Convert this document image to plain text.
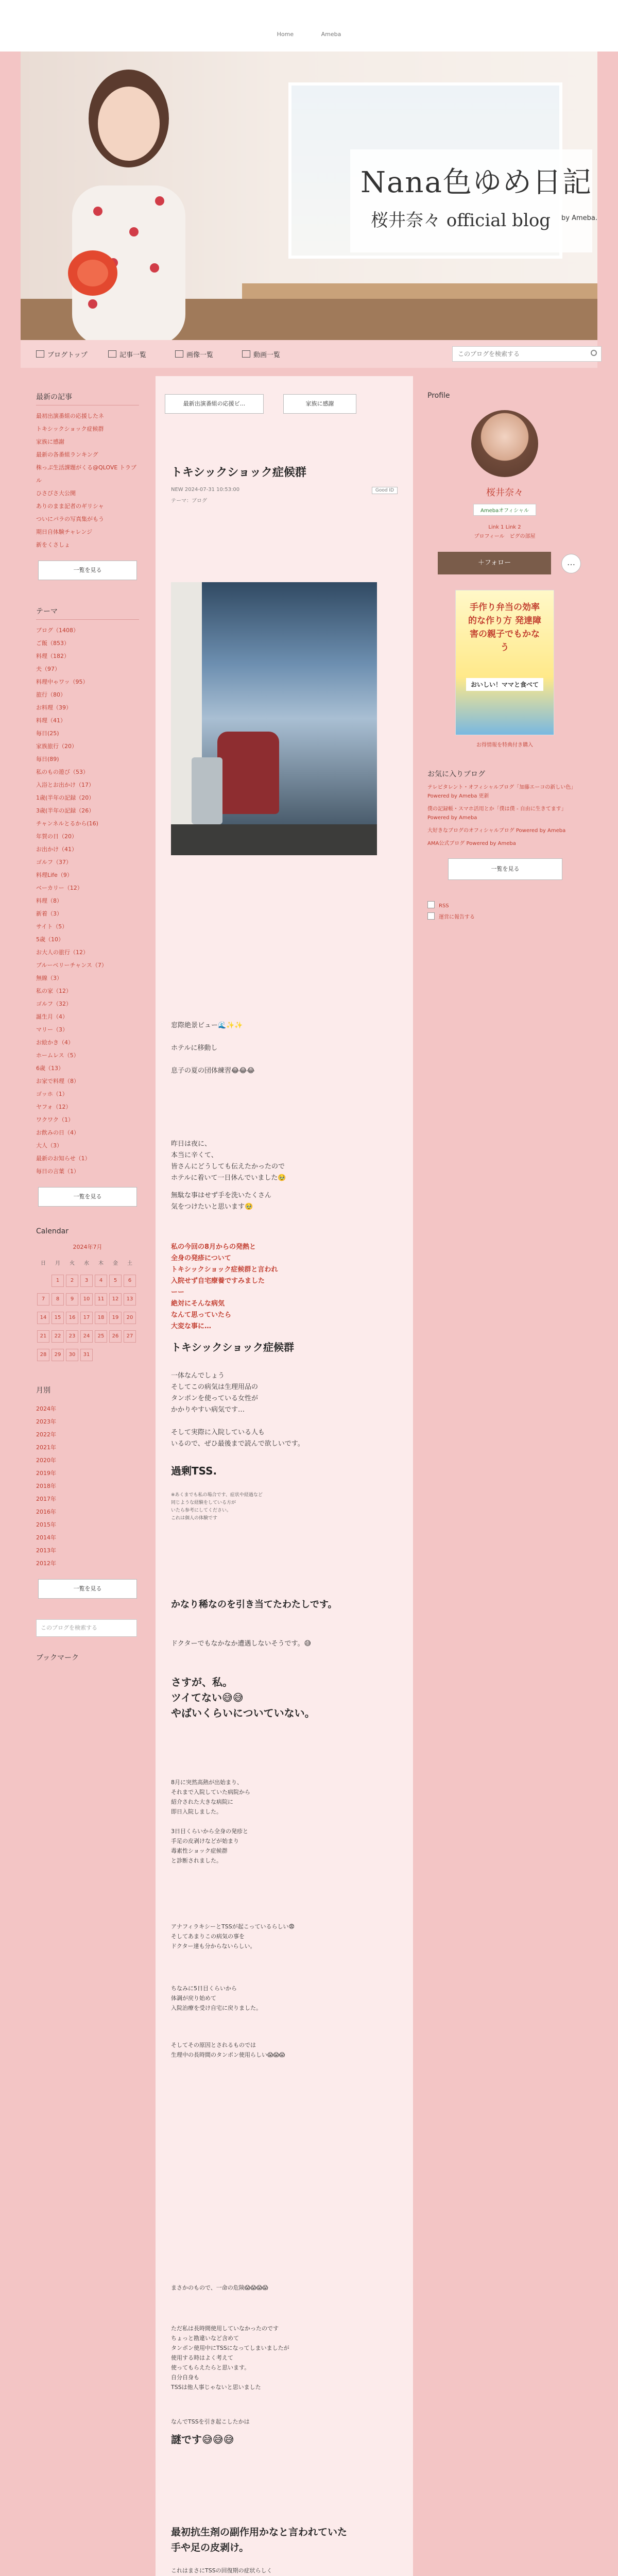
Home	Ameba
Nana色ゆめ日記
桜井奈々 official blog by Ameba.
ブログトップ	記事一覧	画像一覧	動画一覧
このブログを検索する
最新の記事
最初出演番組の応援したネ
トキシックショック症候群
家族に感謝
最新の各番組ランキング
株っぷ生活課題がくる@QLOVE トラブル
ひさびさ大公開
ありのまま記者のギリシャ
ついにパラの写真集がもう
期日自体験チャレンジ
新をくさしょ
一覧を見る
テーマ
ブログ（1408）
ご飯（853）
料理（182）
夫（97）
料理中ゃワッ（95）
旅行（80）
お料理（39）
料理（41）
毎日(25)
家族旅行（20）
毎日(89)
私のもの遊び（53）
入浴とお出かけ（17）
1歳(半年の記録（20）
3歳(半年の記録（26）
チャンネルとるから(16)
年賀の日（20）
お出かけ（41）
ゴルフ（37）
料理Life（9）
ベーカリー（12）
料理（8）
新着（3）
サイト（5）
5歳（10）
お大人の旅行（12）
ブルーベリーチャンス（7）
無線（3）
私の家（12）
ゴルフ（32）
誕生月（4）
マリー（3）
お絵かき（4）
ホームレス（5）
6歳（13）
お家で料理（8）
ゴッホ（1）
ヤフォ（12）
ワクワク（1）
お飲みの日（4）
大人（3）
最新のお知らせ（1）
毎日の言葉（1）
一覧を見る
Calendar
2024年7月
日	月	火	水	木	金	土
	1	2	3	4	5	6
7	8	9	10	11	12	13
14	15	16	17	18	19	20
21	22	23	24	25	26	27
28	29	30	31			
月別
2024年
2023年
2022年
2021年
2020年
2019年
2018年
2017年
2016年
2015年
2014年
2013年
2012年
一覧を見る
このブログを検索する
ブックマーク
最新出演番組の応援ビ...	家族に感謝
トキシックショック症候群
NEW 2024-07-31 10:53:00
テーマ：ブログ
Good ID
窓際絶景ビュー🌊✨✨

ホテルに移動し

息子の夏の団体練習😂😂😂
昨日は夜に、
本当に辛くて、
皆さんにどうしても伝えたかったので
ホテルに着いて一日休んでいました🥹
無駄な事はせず手を洗いたくさん
気をつけたいと思います🥹
私の今回の8月からの発熱と
全身の発疹について
トキシックショック症候群と言われ
入院せず自宅療養ですみました
ーー
絶対にそんな病気
なんて思っていたら
大変な事に…
トキシックショック症候群
一体なんでしょう
そしてこの病気は生理用品の
タンポンを使っている女性が
かかりやすい病気です…

そして実際に入院している人も
いるので、ぜひ最後まで読んで欲しいです。
過剰TSS.
※あくまでも私の場合です、症状や経過など
同じような経験をしている方が
いたら参考にしてください。
これは個人の体験です
かなり稀なのを引き当てたわたしです。
ドクターでもなかなか遭遇しないそうです。😅
さすが、私。
ツイてない😅😅
やばいくらいについていない。
8月に突然高熱が出始まり、
それまで入院していた病院から
紹介された大きな病院に
即日入院しました。

3日目くらいから全身の発疹と
手足の皮剥けなどが始まり
毒素性ショック症候群
と診断されました。
アナフィラキシーとTSSが起こっているらしい😨
そしてあまりこの病気の事を
ドクター達も分からないらしい。
ちなみに5日目くらいから
体調が戻り始めて
入院治療を受け自宅に戻りました。
そしてその原因とされるものでは
生理中の長時間のタンポン使用らしい😱😱😱
まさかのもので、一命の危険😱😱😱😱
ただ私は長時間使用していなかったのです
ちょっと勘違いなど含めて
タンポン使用中にTSSになってしまいましたが
使用する時はよく考えて
使ってもらえたらと思います。
自分自身も
TSSは他人事じゃないと思いました
なんでTSSを引き起こしたかは
謎です😅😅😅
最初抗生剤の副作用かなと言われていた
手や足の皮剥け。
これはまさにTSSの回復期の症状らしく

Profile
桜井奈々
Amebaオフィシャル
Link 1 Link 2
プロフィール　ピグの部屋
＋フォロー	…
手作り弁当の効率的な作り方 発達障害の親子でもかなう
おいしい！ママと食べて
お得情報を特典付き購入
お気に入りブログ
テレビタレント・オフィシャルブログ「加藤エーコの新しい色」Powered by Ameba 更新
僕の記録帳・スマホ活用とか「僕は僕 - 自由に生きてます」Powered by Ameba
大好きなブログのオフィシャルブログ Powered by Ameba
AMA公式ブログ Powered by Ameba
一覧を見る
RSS
運営に報告する
